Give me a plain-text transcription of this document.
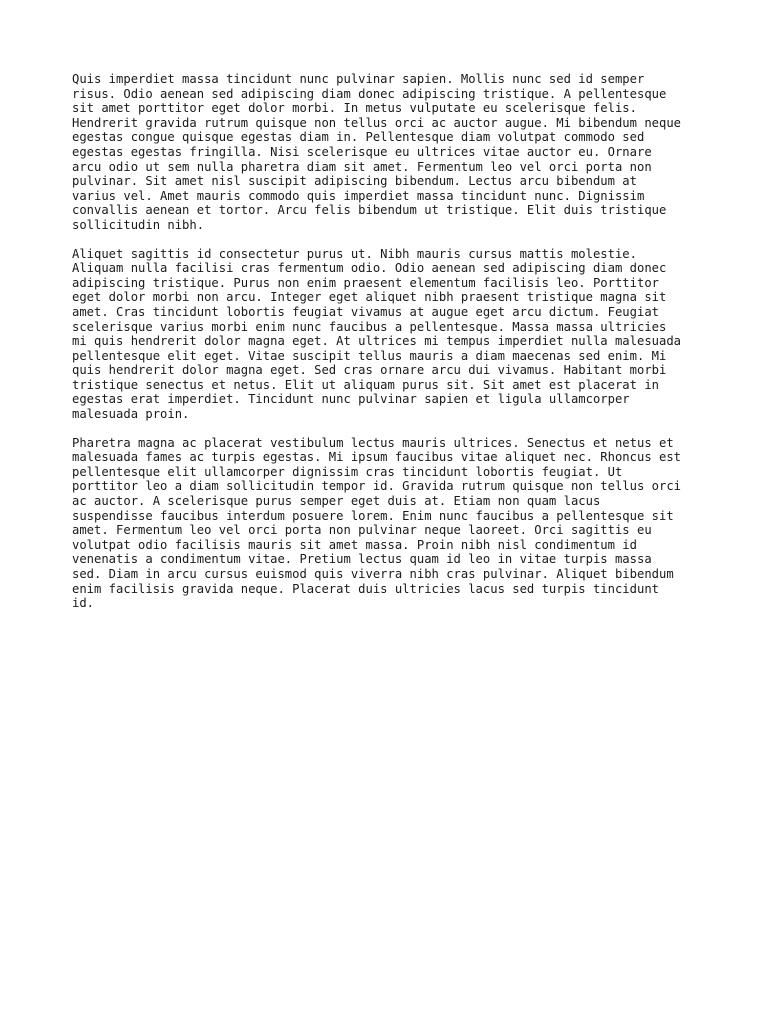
Quis imperdiet massa tincidunt nunc pulvinar sapien. Mollis nunc sed id semper
risus. Odio aenean sed adipiscing diam donec adipiscing tristique. A pellentesque
sit amet porttitor eget dolor morbi. In metus vulputate eu scelerisque felis.
Hendrerit gravida rutrum quisque non tellus orci ac auctor augue. Mi bibendum neque
egestas congue quisque egestas diam in. Pellentesque diam volutpat commodo sed
egestas egestas fringilla. Nisi scelerisque eu ultrices vitae auctor eu. Ornare
arcu odio ut sem nulla pharetra diam sit amet. Fermentum leo vel orci porta non
pulvinar. Sit amet nisl suscipit adipiscing bibendum. Lectus arcu bibendum at
varius vel. Amet mauris commodo quis imperdiet massa tincidunt nunc. Dignissim
convallis aenean et tortor. Arcu felis bibendum ut tristique. Elit duis tristique
sollicitudin nibh.

Aliquet sagittis id consectetur purus ut. Nibh mauris cursus mattis molestie.
Aliquam nulla facilisi cras fermentum odio. Odio aenean sed adipiscing diam donec
adipiscing tristique. Purus non enim praesent elementum facilisis leo. Porttitor
eget dolor morbi non arcu. Integer eget aliquet nibh praesent tristique magna sit
amet. Cras tincidunt lobortis feugiat vivamus at augue eget arcu dictum. Feugiat
scelerisque varius morbi enim nunc faucibus a pellentesque. Massa massa ultricies
mi quis hendrerit dolor magna eget. At ultrices mi tempus imperdiet nulla malesuada
pellentesque elit eget. Vitae suscipit tellus mauris a diam maecenas sed enim. Mi
quis hendrerit dolor magna eget. Sed cras ornare arcu dui vivamus. Habitant morbi
tristique senectus et netus. Elit ut aliquam purus sit. Sit amet est placerat in
egestas erat imperdiet. Tincidunt nunc pulvinar sapien et ligula ullamcorper
malesuada proin.

Pharetra magna ac placerat vestibulum lectus mauris ultrices. Senectus et netus et
malesuada fames ac turpis egestas. Mi ipsum faucibus vitae aliquet nec. Rhoncus est
pellentesque elit ullamcorper dignissim cras tincidunt lobortis feugiat. Ut
porttitor leo a diam sollicitudin tempor id. Gravida rutrum quisque non tellus orci
ac auctor. A scelerisque purus semper eget duis at. Etiam non quam lacus
suspendisse faucibus interdum posuere lorem. Enim nunc faucibus a pellentesque sit
amet. Fermentum leo vel orci porta non pulvinar neque laoreet. Orci sagittis eu
volutpat odio facilisis mauris sit amet massa. Proin nibh nisl condimentum id
venenatis a condimentum vitae. Pretium lectus quam id leo in vitae turpis massa
sed. Diam in arcu cursus euismod quis viverra nibh cras pulvinar. Aliquet bibendum
enim facilisis gravida neque. Placerat duis ultricies lacus sed turpis tincidunt
id.
